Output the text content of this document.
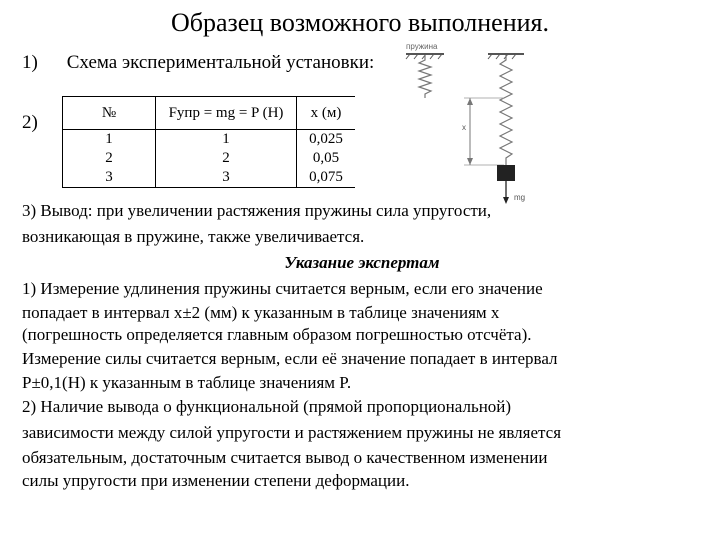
Образец возможного выполнения.
1) Схема экспериментальной установки:
2)	№	Fупр = mg = P (H)	x (м)
1	1	0,025
2	2	0,05
3	3	0,075
пружина
x
mg

3) Вывод: при увеличении растяжения пружины сила упругости,

возникающая в пружине, также увеличивается.

Указание экспертам

1) Измерение удлинения пружины считается верным, если его значение

попадает в интервал x±2 (мм) к указанным в таблице значениям x

(погрешность определяется главным образом погрешностью отсчёта).

Измерение силы считается верным, если её значение попадает в интервал

P±0,1(H) к указанным в таблице значениям P.

2) Наличие вывода о функциональной (прямой пропорциональной)

зависимости между силой упругости и растяжением пружины не является

обязательным, достаточным считается вывод о качественном изменении

силы упругости при изменении степени деформации.
